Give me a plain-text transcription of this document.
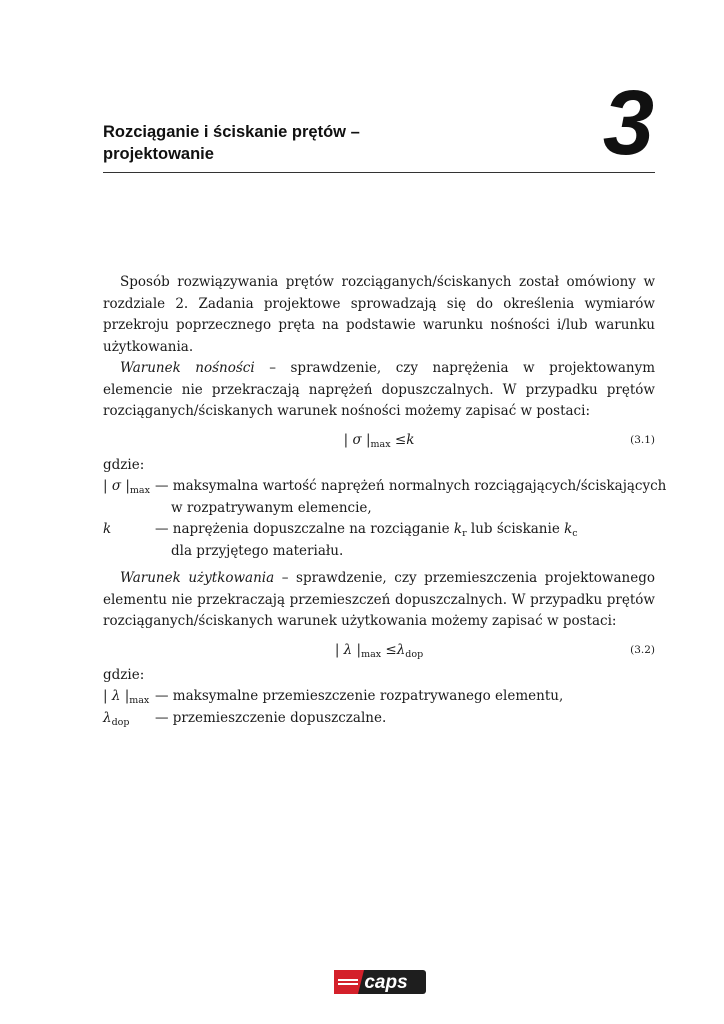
Rozciąganie i ściskanie prętów –
projektowanie	3

Sposób rozwiązywania prętów rozciąganych/ściskanych został omówiony w rozdziale 2. Zadania projektowe sprowadzają się do określenia wymiarów przekroju poprzecznego pręta na podstawie warunku nośności i/lub warunku użytkowania.

Warunek nośności – sprawdzenie, czy naprężenia w projektowanym elemencie nie przekraczają naprężeń dopuszczalnych. W przypadku prętów rozciąganych/ściskanych warunek nośności możemy zapisać w postaci:

| σ $|_{max} \le k$	(3.1)
gdzie:
| σ $|_{max}$ — maksymalna wartość naprężeń normalnych rozciągających/ściskających
w rozpatrywanym elemencie,
k	— naprężenia dopuszczalne na rozciąganie $k_r$ lub ściskanie $k_c$
dla przyjętego materiału.

Warunek użytkowania – sprawdzenie, czy przemieszczenia projektowanego elementu nie przekraczają przemieszczeń dopuszczalnych. W przypadku prętów rozciąganych/ściskanych warunek użytkowania możemy zapisać w postaci:

| λ $|_{max} \le\lambda_{dop}$	(3.2)
gdzie:
| λ $|_{max}$ — maksymalne przemieszczenie rozpatrywanego elementu,
$\lambda_{dop}$	— przemieszczenie dopuszczalne.
caps
